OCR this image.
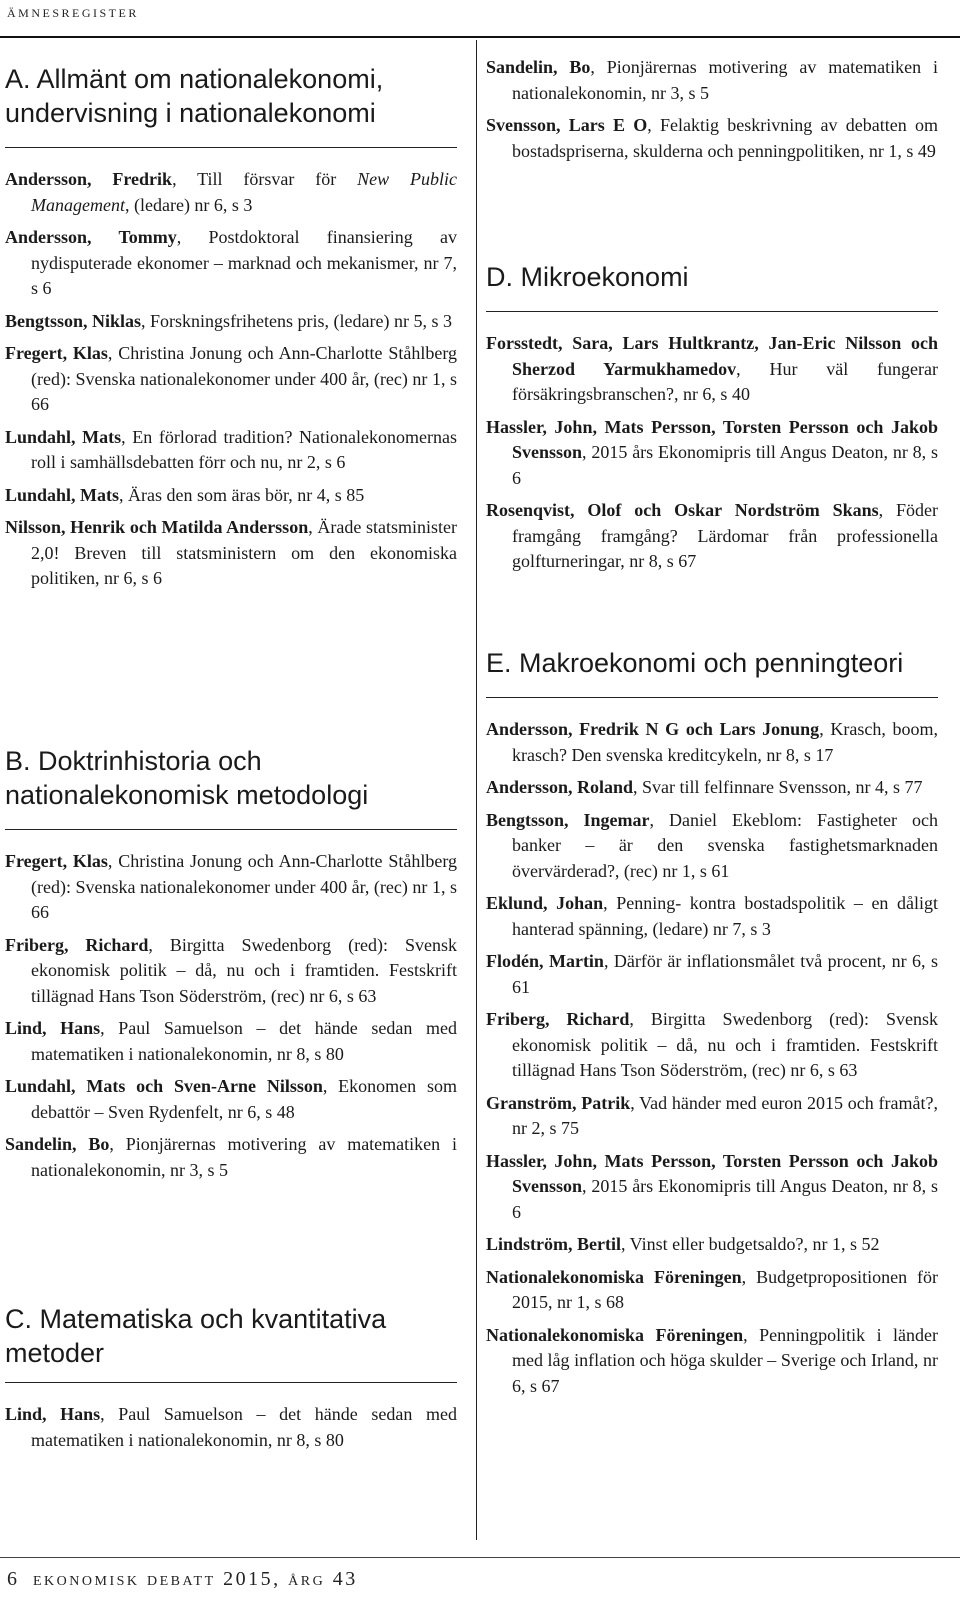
ämnesregister
A. Allmänt om nationalekonomi, undervisning i nationalekonomi
Andersson, Fredrik, Till försvar för New Public Management, (ledare) nr 6, s 3
Andersson, Tommy, Postdoktoral finansiering av nydisputerade ekonomer – marknad och mekanismer, nr 7, s 6
Bengtsson, Niklas, Forskningsfrihetens pris, (ledare) nr 5, s 3
Fregert, Klas, Christina Jonung och Ann-Charlotte Ståhlberg (red): Svenska nationalekonomer under 400 år, (rec) nr 1, s 66
Lundahl, Mats, En förlorad tradition? Nationalekonomernas roll i samhällsdebatten förr och nu, nr 2, s 6
Lundahl, Mats, Äras den som äras bör, nr 4, s 85
Nilsson, Henrik och Matilda Andersson, Ärade statsminister 2,0! Breven till statsministern om den ekonomiska politiken, nr 6, s 6
B. Doktrinhistoria och nationalekonomisk metodologi
Fregert, Klas, Christina Jonung och Ann-Charlotte Ståhlberg (red): Svenska nationalekonomer under 400 år, (rec) nr 1, s 66
Friberg, Richard, Birgitta Swedenborg (red): Svensk ekonomisk politik – då, nu och i framtiden. Festskrift tillägnad Hans Tson Söderström, (rec) nr 6, s 63
Lind, Hans, Paul Samuelson – det hände sedan med matematiken i nationalekonomin, nr 8, s 80
Lundahl, Mats och Sven-Arne Nilsson, Ekonomen som debattör – Sven Rydenfelt, nr 6, s 48
Sandelin, Bo, Pionjärernas motivering av matematiken i nationalekonomin, nr 3, s 5
C. Matematiska och kvantitativa metoder
Lind, Hans, Paul Samuelson – det hände sedan med matematiken i nationalekonomin, nr 8, s 80
Sandelin, Bo, Pionjärernas motivering av matematiken i nationalekonomin, nr 3, s 5
Svensson, Lars E O, Felaktig beskrivning av debatten om bostadspriserna, skulderna och penningpolitiken, nr 1, s 49
D. Mikroekonomi
Forsstedt, Sara, Lars Hultkrantz, Jan-Eric Nilsson och Sherzod Yarmukhamedov, Hur väl fungerar försäkringsbranschen?, nr 6, s 40
Hassler, John, Mats Persson, Torsten Persson och Jakob Svensson, 2015 års Ekonomipris till Angus Deaton, nr 8, s 6
Rosenqvist, Olof och Oskar Nordström Skans, Föder framgång framgång? Lärdomar från professionella golfturneringar, nr 8, s 67
E. Makroekonomi och penningteori
Andersson, Fredrik N G och Lars Jonung, Krasch, boom, krasch? Den svenska kreditcykeln, nr 8, s 17
Andersson, Roland, Svar till felfinnare Svensson, nr 4, s 77
Bengtsson, Ingemar, Daniel Ekeblom: Fastigheter och banker – är den svenska fastighetsmarknaden övervärderad?, (rec) nr 1, s 61
Eklund, Johan, Penning- kontra bostadspolitik – en dåligt hanterad spänning, (ledare) nr 7, s 3
Flodén, Martin, Därför är inflationsmålet två procent, nr 6, s 61
Friberg, Richard, Birgitta Swedenborg (red): Svensk ekonomisk politik – då, nu och i framtiden. Festskrift tillägnad Hans Tson Söderström, (rec) nr 6, s 63
Granström, Patrik, Vad händer med euron 2015 och framåt?, nr 2, s 75
Hassler, John, Mats Persson, Torsten Persson och Jakob Svensson, 2015 års Ekonomipris till Angus Deaton, nr 8, s 6
Lindström, Bertil, Vinst eller budgetsaldo?, nr 1, s 52
Nationalekonomiska Föreningen, Budgetpropositionen för 2015, nr 1, s 68
Nationalekonomiska Föreningen, Penningpolitik i länder med låg inflation och höga skulder – Sverige och Irland, nr 6, s 67
6 ekonomisk debatt 2015, årg 43
